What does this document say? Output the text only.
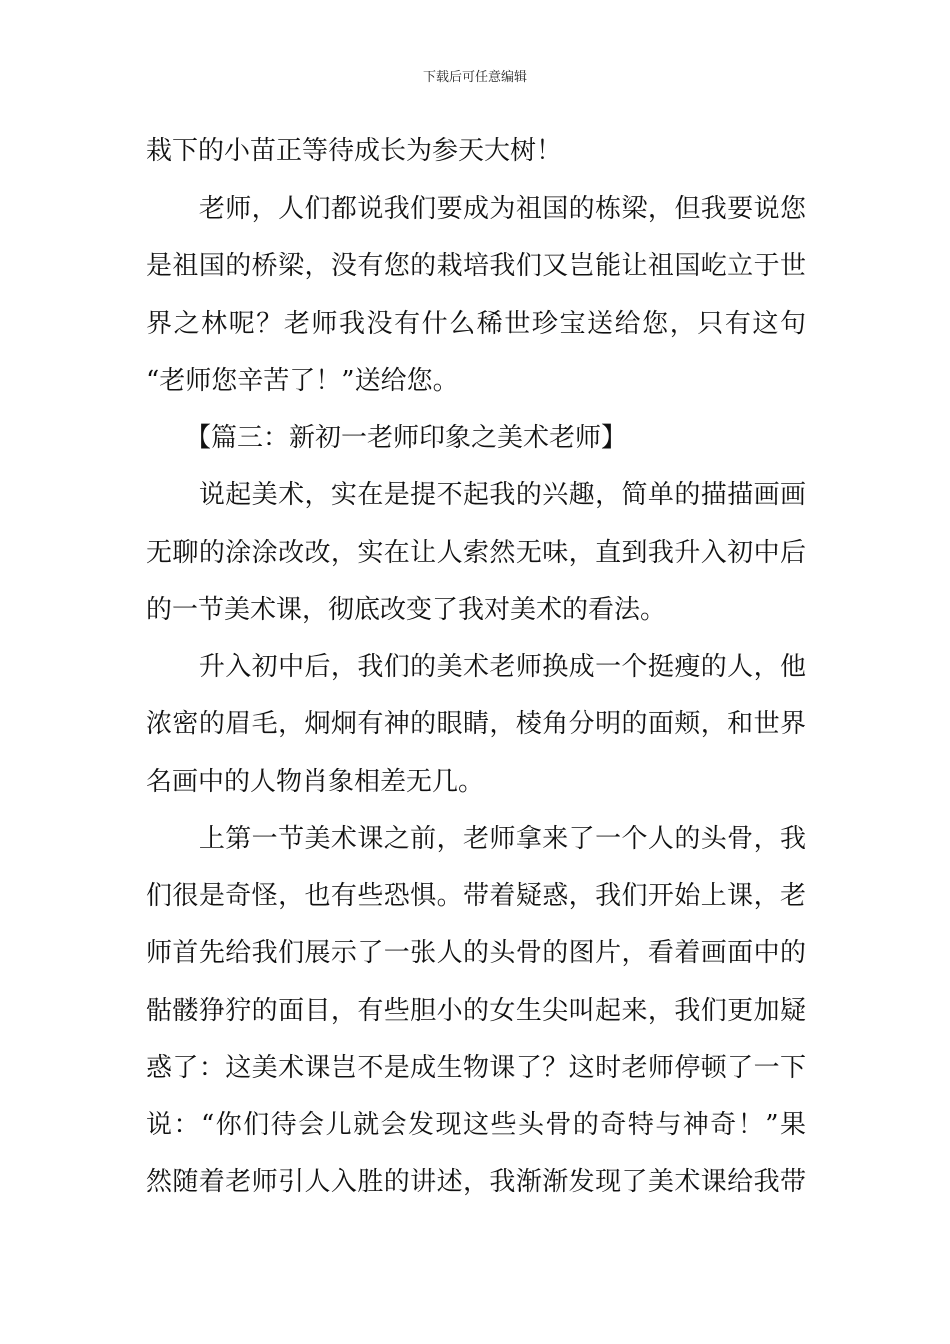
下载后可任意编辑
栽下的小苗正等待成长为参天大树！
　　老师，人们都说我们要成为祖国的栋梁，但我要说您
是祖国的桥梁，没有您的栽培我们又岂能让祖国屹立于世
界之林呢？老师我没有什么稀世珍宝送给您，只有这句
“老师您辛苦了！”送给您。
　　【篇三：新初一老师印象之美术老师】
　　说起美术，实在是提不起我的兴趣，简单的描描画画
无聊的涂涂改改，实在让人索然无味，直到我升入初中后
的一节美术课，彻底改变了我对美术的看法。
　　升入初中后，我们的美术老师换成一个挺瘦的人，他
浓密的眉毛，炯炯有神的眼睛，棱角分明的面颊，和世界
名画中的人物肖象相差无几。
　　上第一节美术课之前，老师拿来了一个人的头骨，我
们很是奇怪，也有些恐惧。带着疑惑，我们开始上课，老
师首先给我们展示了一张人的头骨的图片，看着画面中的
骷髅狰狞的面目，有些胆小的女生尖叫起来，我们更加疑
惑了：这美术课岂不是成生物课了？这时老师停顿了一下
说：“你们待会儿就会发现这些头骨的奇特与神奇！”果
然随着老师引人入胜的讲述，我渐渐发现了美术课给我带
